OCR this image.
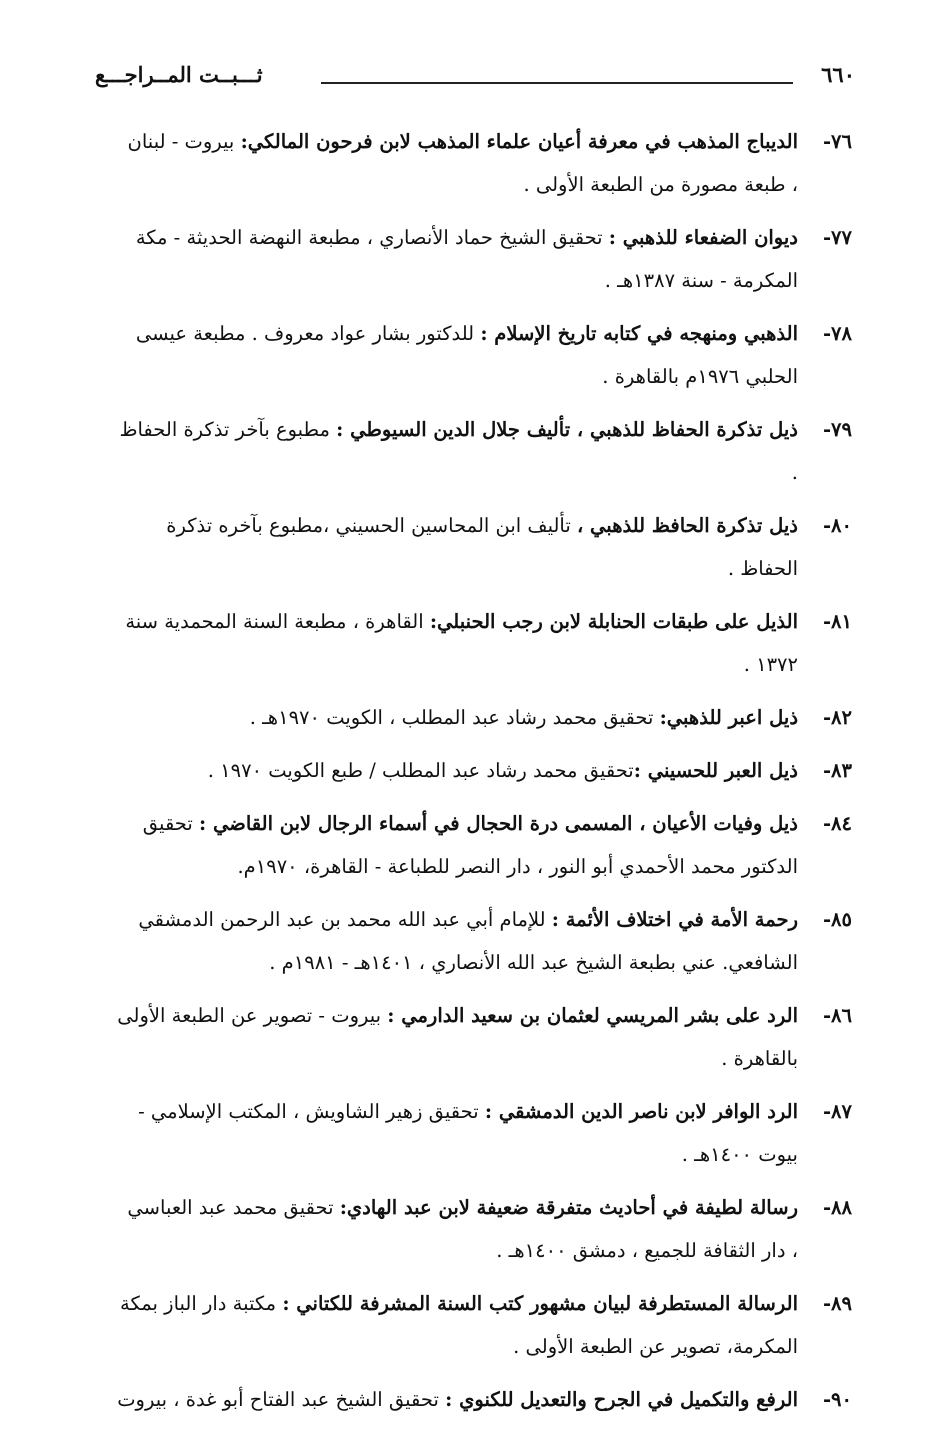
٦٦٠
ثـــبــت المــراجـــع
٧٦-
الديباج المذهب في معرفة أعيان علماء المذهب لابن فرحون المالكي: بيروت - لبنان ، طبعة مصورة من الطبعة الأولى .
٧٧-
ديوان الضفعاء للذهبي : تحقيق الشيخ حماد الأنصاري ، مطبعة النهضة الحديثة - مكة المكرمة - سنة ١٣٨٧هـ .
٧٨-
الذهبي ومنهجه في كتابه تاريخ الإسلام : للدكتور بشار عواد معروف . مطبعة عيسى الحلبي ١٩٧٦م بالقاهرة .
٧٩-
ذيل تذكرة الحفاظ للذهبي ، تأليف جلال الدين السيوطي : مطبوع بآخر تذكرة الحفاظ .
٨٠-
ذيل تذكرة الحافظ للذهبي ، تأليف ابن المحاسين الحسيني ،مطبوع بآخره تذكرة الحفاظ .
٨١-
الذيل على طبقات الحنابلة لابن رجب الحنبلي: القاهرة ، مطبعة السنة المحمدية سنة ١٣٧٢ .
٨٢-
ذيل اعبر للذهبي: تحقيق محمد رشاد عبد المطلب ، الكويت ١٩٧٠هـ .
٨٣-
ذيل العبر للحسيني :تحقيق محمد رشاد عبد المطلب / طبع الكويت ١٩٧٠ .
٨٤-
ذيل وفيات الأعيان ، المسمى درة الحجال في أسماء الرجال لابن القاضي : تحقيق الدكتور محمد الأحمدي أبو النور ، دار النصر للطباعة - القاهرة، ١٩٧٠م.
٨٥-
رحمة الأمة في اختلاف الأئمة : للإمام أبي عبد الله محمد بن عبد الرحمن الدمشقي الشافعي. عني بطبعة الشيخ عبد الله الأنصاري ، ١٤٠١هـ - ١٩٨١م .
٨٦-
الرد على بشر المريسي لعثمان بن سعيد الدارمي : بيروت - تصوير عن الطبعة الأولى بالقاهرة .
٨٧-
الرد الوافر لابن ناصر الدين الدمشقي : تحقيق زهير الشاويش ، المكتب الإسلامي - بيوت ١٤٠٠هـ .
٨٨-
رسالة لطيفة في أحاديث متفرقة ضعيفة لابن عبد الهادي: تحقيق محمد عبد العباسي ، دار الثقافة للجميع ، دمشق ١٤٠٠هـ .
٨٩-
الرسالة المستطرفة لبيان مشهور كتب السنة المشرفة للكتاني : مكتبة دار الباز بمكة المكرمة، تصوير عن الطبعة الأولى .
٩٠-
الرفع والتكميل في الجرح والتعديل للكنوي : تحقيق الشيخ عبد الفتاح أبو غدة ، بيروت
